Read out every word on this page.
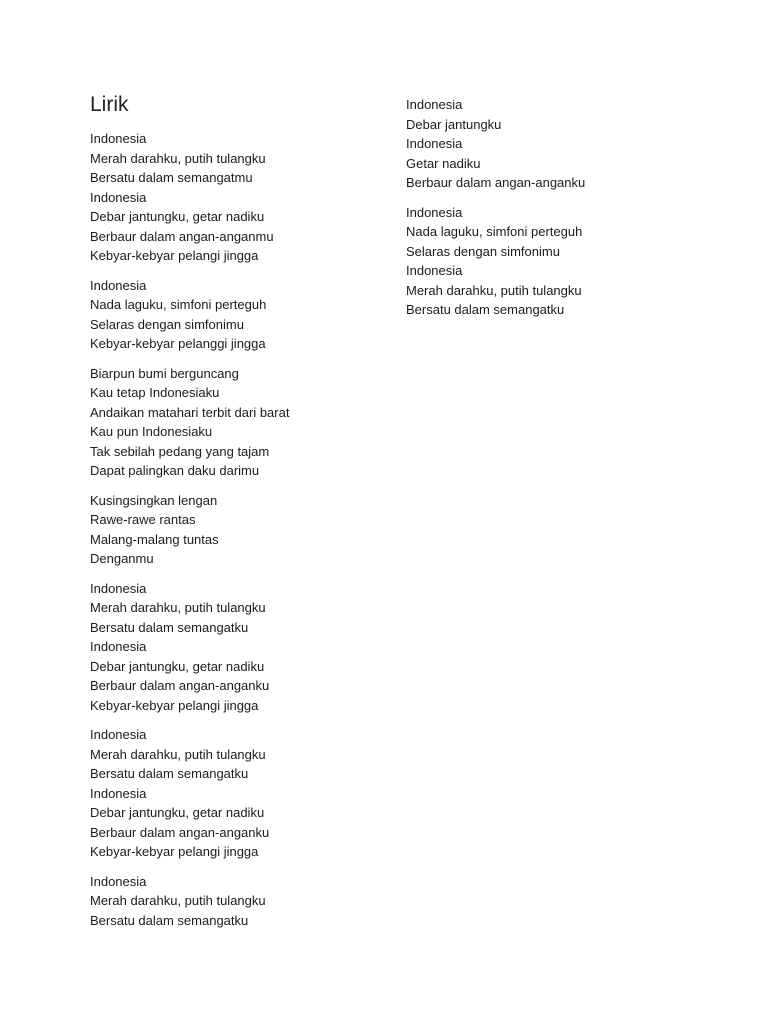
Lirik
Indonesia
Merah darahku, putih tulangku
Bersatu dalam semangatmu
Indonesia
Debar jantungku, getar nadiku
Berbaur dalam angan-anganmu
Kebyar-kebyar pelangi jingga
Indonesia
Nada laguku, simfoni perteguh
Selaras dengan simfonimu
Kebyar-kebyar pelanggi jingga
Biarpun bumi berguncang
Kau tetap Indonesiaku
Andaikan matahari terbit dari barat
Kau pun Indonesiaku
Tak sebilah pedang yang tajam
Dapat palingkan daku darimu
Kusingsingkan lengan
Rawe-rawe rantas
Malang-malang tuntas
Denganmu
Indonesia
Merah darahku, putih tulangku
Bersatu dalam semangatku
Indonesia
Debar jantungku, getar nadiku
Berbaur dalam angan-anganku
Kebyar-kebyar pelangi jingga
Indonesia
Merah darahku, putih tulangku
Bersatu dalam semangatku
Indonesia
Debar jantungku, getar nadiku
Berbaur dalam angan-anganku
Kebyar-kebyar pelangi jingga
Indonesia
Merah darahku, putih tulangku
Bersatu dalam semangatku
Indonesia
Debar jantungku
Indonesia
Getar nadiku
Berbaur dalam angan-anganku
Indonesia
Nada laguku, simfoni perteguh
Selaras dengan simfonimu
Indonesia
Merah darahku, putih tulangku
Bersatu dalam semangatku
